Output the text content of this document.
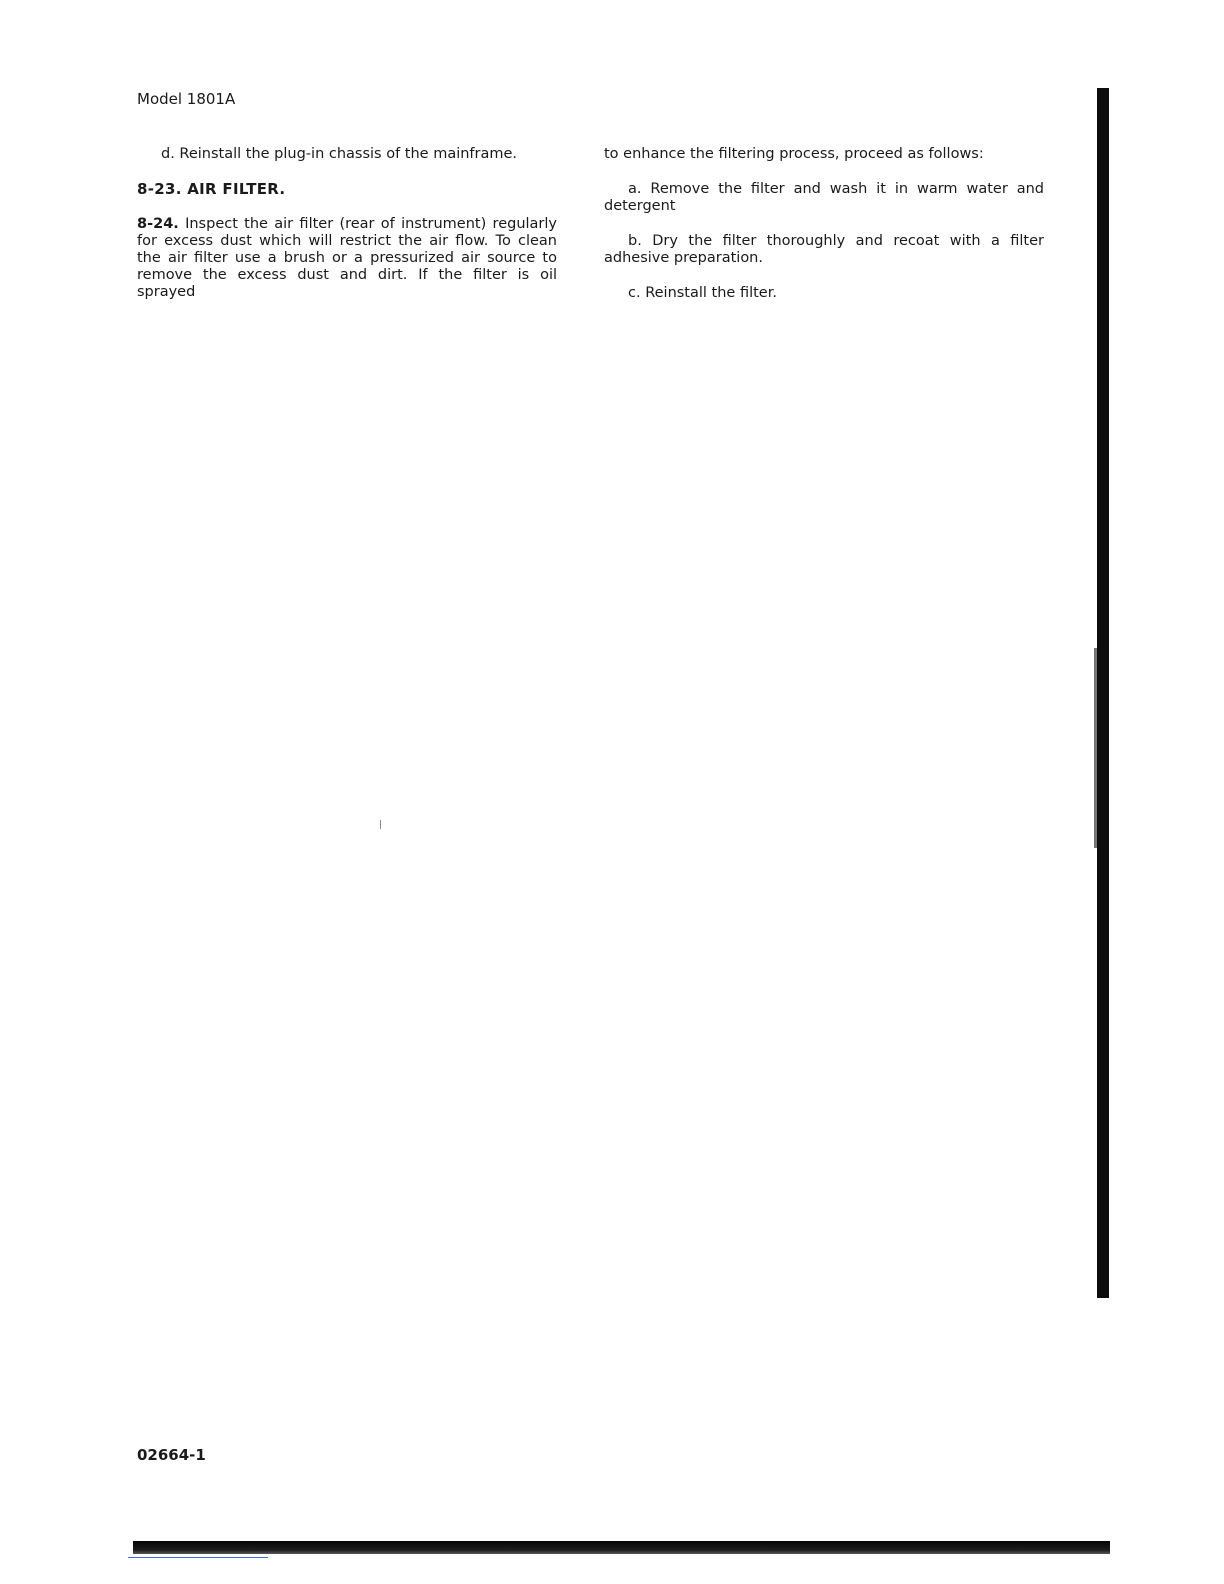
Model 1801A

d. Reinstall the plug-in chassis of the mainframe.

8-23. AIR FILTER.

8-24. Inspect the air filter (rear of instrument) regularly for excess dust which will restrict the air flow. To clean the air filter use a brush or a pressurized air source to remove the excess dust and dirt. If the filter is oil sprayed

to enhance the filtering process, proceed as follows:

a. Remove the filter and wash it in warm water and detergent

b. Dry the filter thoroughly and recoat with a filter adhesive preparation.

c. Reinstall the filter.

02664-1
